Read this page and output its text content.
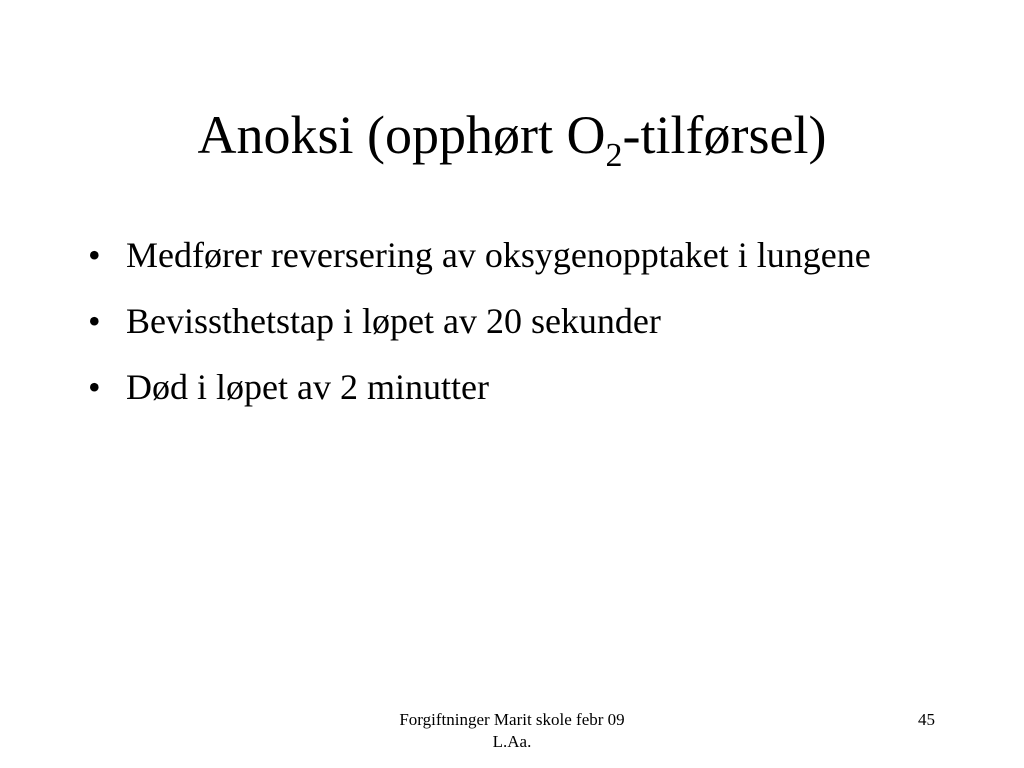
Anoksi (opphørt $O_2-tilførsel$)
• Medfører reversering av oksygenopptaket i lungene
• Bevissthetstap i løpet av 20 sekunder
• Død i løpet av 2 minutter
Forgiftninger Marit skole febr 09
L.Aa.
45
